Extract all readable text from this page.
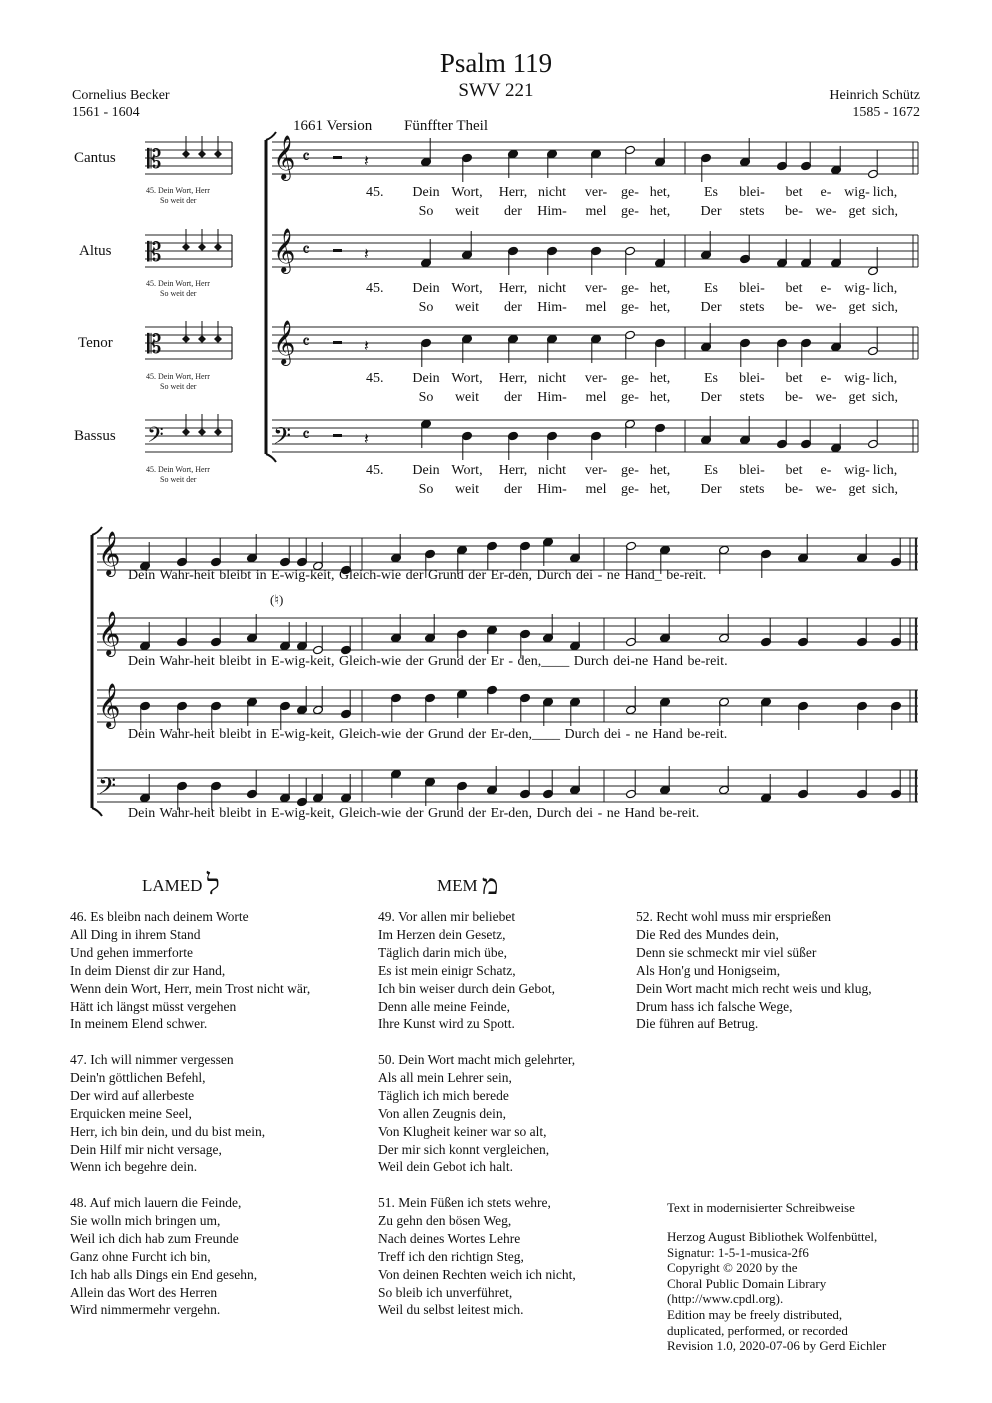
Psalm 119
SWV 221
Cornelius Becker
1561 - 1604
Heinrich Schütz
1585 - 1672
1661 Version Fünffter Theil
𝄡
𝄡
𝄡
𝄢
𝄞 𝄴	𝄽
𝄞 𝄴	𝄽
𝄞 𝄴	𝄽
𝄢 𝄴	𝄽
𝄞
𝄞
𝄞
𝄢
Cantus
Altus
Tenor
Bassus
45. Dein Wort, Herr
So weit der
45. Dein Wort, Herr
So weit der
45. Dein Wort, Herr
So weit der
45. Dein Wort, Herr
So weit der
45. Dein Wort, Herr, nicht ver- ge- het, Es blei- bet e- wig- lich,
So weit der Him- mel ge- het, Der stets be- we- get sich,
45. Dein Wort, Herr, nicht ver- ge- het, Es blei- bet e- wig- lich,
So weit der Him- mel ge- het, Der stets be- we- get sich,
45. Dein Wort, Herr, nicht ver- ge- het, Es blei- bet e- wig- lich,
So weit der Him- mel ge- het, Der stets be- we- get sich,
45. Dein Wort, Herr, nicht ver- ge- het, Es blei- bet e- wig- lich,
So weit der Him- mel ge- het, Der stets be- we- get sich,
Dein Wahr-heit bleibt in E-wig-keit, Gleich-wie der Grund der Er-den, Durch dei - ne Hand_ be-reit.
Dein Wahr-heit bleibt in E-wig-keit, Gleich-wie der Grund der Er - den,____ Durch dei-ne Hand be-reit.
Dein Wahr-heit bleibt in E-wig-keit, Gleich-wie der Grund der Er-den,____ Durch dei - ne Hand be-reit.
Dein Wahr-heit bleibt in E-wig-keit, Gleich-wie der Grund der Er-den, Durch dei - ne Hand be-reit.
(♮)
LAMED ל	MEM מ
46. Es bleibn nach deinem Worte
All Ding in ihrem Stand
Und gehen immerforte
In deim Dienst dir zur Hand,
Wenn dein Wort, Herr, mein Trost nicht wär,
Hätt ich längst müsst vergehen
In meinem Elend schwer.
47. Ich will nimmer vergessen
Dein'n göttlichen Befehl,
Der wird auf allerbeste
Erquicken meine Seel,
Herr, ich bin dein, und du bist mein,
Dein Hilf mir nicht versage,
Wenn ich begehre dein.
48. Auf mich lauern die Feinde,
Sie wolln mich bringen um,
Weil ich dich hab zum Freunde
Ganz ohne Furcht ich bin,
Ich hab alls Dings ein End gesehn,
Allein das Wort des Herren
Wird nimmermehr vergehn.
49. Vor allen mir beliebet
Im Herzen dein Gesetz,
Täglich darin mich übe,
Es ist mein einigr Schatz,
Ich bin weiser durch dein Gebot,
Denn alle meine Feinde,
Ihre Kunst wird zu Spott.
50. Dein Wort macht mich gelehrter,
Als all mein Lehrer sein,
Täglich ich mich berede
Von allen Zeugnis dein,
Von Klugheit keiner war so alt,
Der mir sich konnt vergleichen,
Weil dein Gebot ich halt.
51. Mein Füßen ich stets wehre,
Zu gehn den bösen Weg,
Nach deines Wortes Lehre
Treff ich den richtign Steg,
Von deinen Rechten weich ich nicht,
So bleib ich unverführet,
Weil du selbst leitest mich.
52. Recht wohl muss mir ersprießen
Die Red des Mundes dein,
Denn sie schmeckt mir viel süßer
Als Hon'g und Honigseim,
Dein Wort macht mich recht weis und klug,
Drum hass ich falsche Wege,
Die führen auf Betrug.
Text in modernisierter Schreibweise
Herzog August Bibliothek Wolfenbüttel,
Signatur: 1-5-1-musica-2f6
Copyright © 2020 by the
Choral Public Domain Library
(http://www.cpdl.org).
Edition may be freely distributed,
duplicated, performed, or recorded
Revision 1.0, 2020-07-06 by Gerd Eichler
